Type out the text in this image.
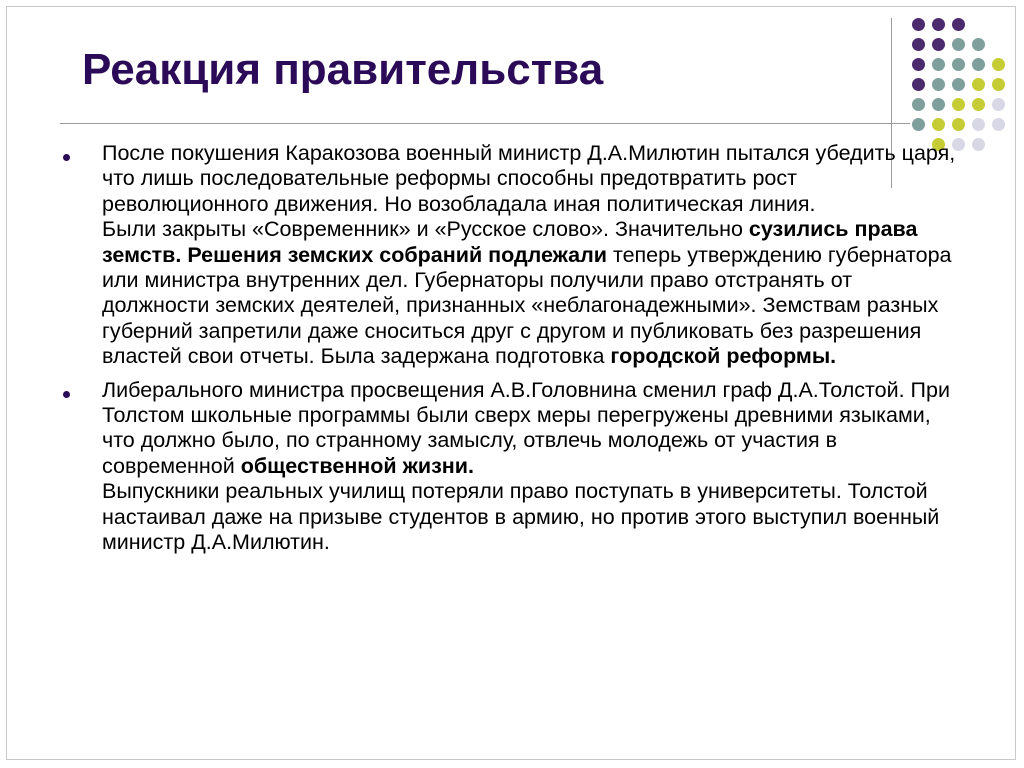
Реакция правительства

После покушения Каракозова военный министр Д.А.Милютин пытался убедить царя, что лишь последовательные реформы способны предотвратить рост революционного движения. Но возобладала иная политическая линия.

Были закрыты «Современник» и «Русское слово». Значительно сузились права земств. Решения земских собраний подлежали теперь утверждению губернатора или министра внутренних дел. Губернаторы получили право отстранять от должности земских деятелей, признанных «неблагонадежными». Земствам разных губерний запретили даже сноситься друг с другом и публиковать без разрешения властей свои отчеты. Была задержана подготовка городской реформы.

Либерального министра просвещения А.В.Головнина сменил граф Д.А.Толстой. При Толстом школьные программы были сверх меры перегружены древними языками, что должно было, по странному замыслу, отвлечь молодежь от участия в современной общественной жизни.

Выпускники реальных училищ потеряли право поступать в университеты. Толстой настаивал даже на призыве студентов в армию, но против этого выступил военный министр Д.А.Милютин.
